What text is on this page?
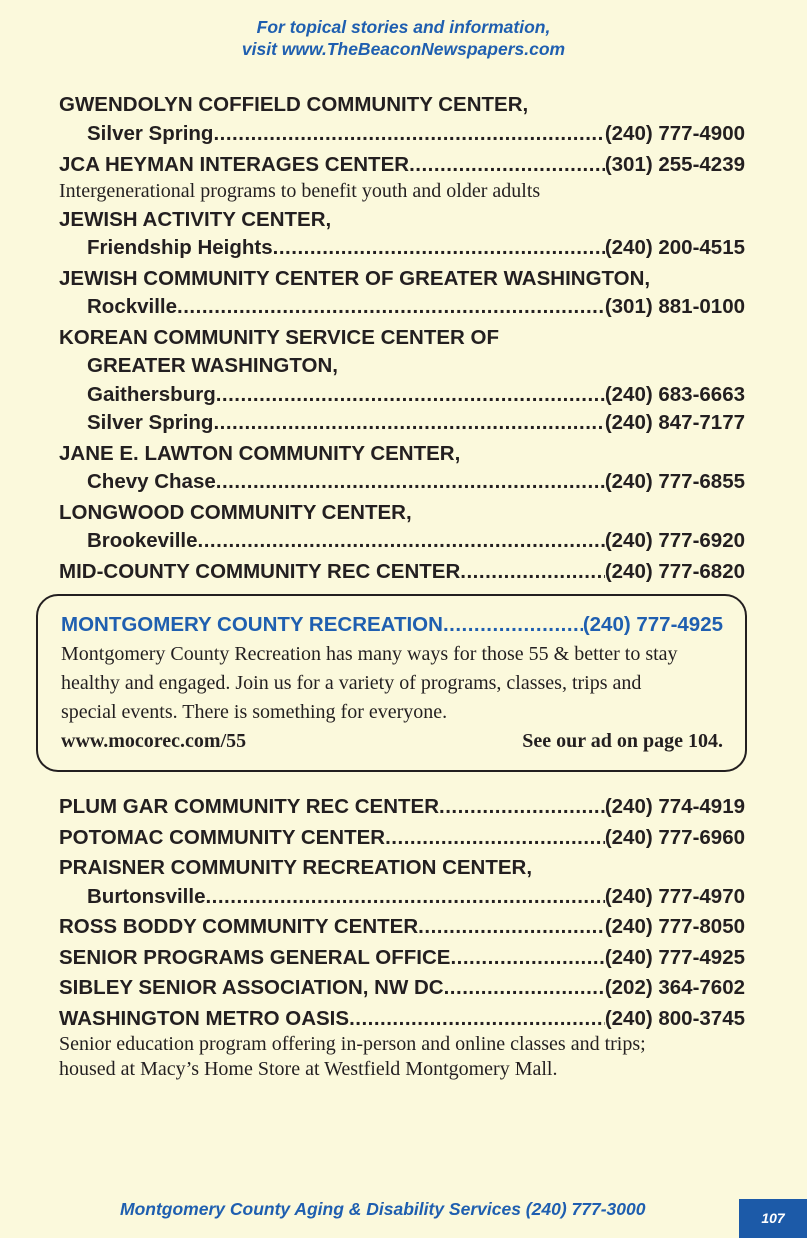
For topical stories and information,
visit www.TheBeaconNewspapers.com
GWENDOLYN COFFIELD COMMUNITY CENTER,
Silver Spring .....	(240) 777-4900
JCA HEYMAN INTERAGES CENTER .....	(301) 255-4239
Intergenerational programs to benefit youth and older adults
JEWISH ACTIVITY CENTER,
Friendship Heights .....	(240) 200-4515
JEWISH COMMUNITY CENTER OF GREATER WASHINGTON,
Rockville .....	(301) 881-0100
KOREAN COMMUNITY SERVICE CENTER OF
GREATER WASHINGTON,
Gaithersburg .....	(240) 683-6663
Silver Spring .....	(240) 847-7177
JANE E. LAWTON COMMUNITY CENTER,
Chevy Chase .....	(240) 777-6855
LONGWOOD COMMUNITY CENTER,
Brookeville .....	(240) 777-6920
MID-COUNTY COMMUNITY REC CENTER .....	(240) 777-6820
MONTGOMERY COUNTY RECREATION .....	(240) 777-4925
Montgomery County Recreation has many ways for those 55 & better to stay
healthy and engaged. Join us for a variety of programs, classes, trips and
special events. There is something for everyone.
www.mocorec.com/55	See our ad on page 104.
PLUM GAR COMMUNITY REC CENTER .....	(240) 774-4919
POTOMAC COMMUNITY CENTER .....	(240) 777-6960
PRAISNER COMMUNITY RECREATION CENTER,
Burtonsville .....	(240) 777-4970
ROSS BODDY COMMUNITY CENTER .....	(240) 777-8050
SENIOR PROGRAMS GENERAL OFFICE .....	(240) 777-4925
SIBLEY SENIOR ASSOCIATION, NW DC .....	(202) 364-7602
WASHINGTON METRO OASIS .....	(240) 800-3745
Senior education program offering in-person and online classes and trips;
housed at Macy’s Home Store at Westfield Montgomery Mall.
Montgomery County Aging & Disability Services (240) 777-3000	107
